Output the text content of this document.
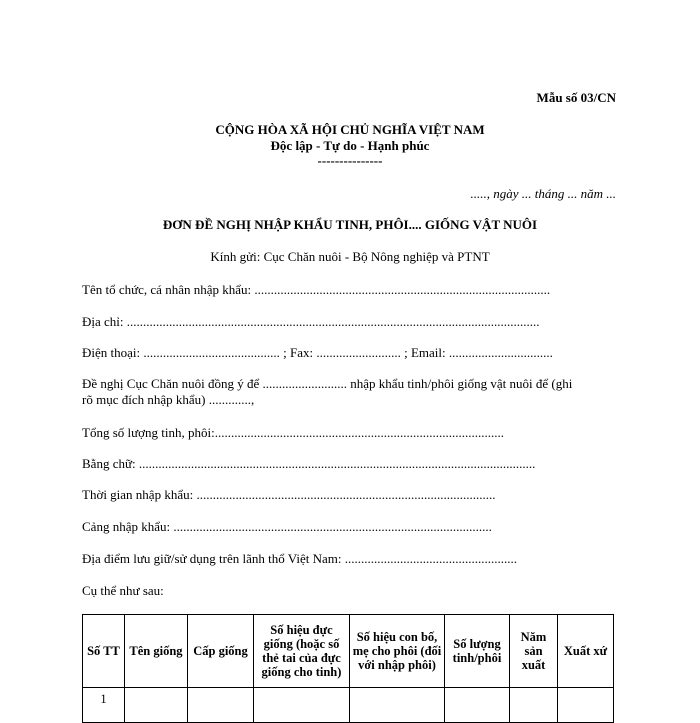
Mẫu số 03/CN
CỘNG HÒA XÃ HỘI CHỦ NGHĨA VIỆT NAM
Độc lập - Tự do - Hạnh phúc
---------------
....., ngày ... tháng ... năm ...
ĐƠN ĐỀ NGHỊ NHẬP KHẨU TINH, PHÔI.... GIỐNG VẬT NUÔI
Kính gửi: Cục Chăn nuôi - Bộ Nông nghiệp và PTNT
Tên tổ chức, cá nhân nhập khẩu: ...........................................................................................
Địa chỉ: ...............................................................................................................................
Điện thoại: .......................................... ; Fax: .......................... ; Email: ................................
Đề nghị Cục Chăn nuôi đồng ý để .......................... nhập khẩu tinh/phôi giống vật nuôi để (ghi
rõ mục đích nhập khẩu) .............,
Tổng số lượng tinh, phôi:.........................................................................................
Bằng chữ: ..........................................................................................................................
Thời gian nhập khẩu: ............................................................................................
Cảng nhập khẩu: ..................................................................................................
Địa điểm lưu giữ/sử dụng trên lãnh thổ Việt Nam: .....................................................
Cụ thể như sau:
Số TT	Tên giống	Cấp giống	Số hiệu đực giống (hoặc số thẻ tai của đực giống cho tinh)	Số hiệu con bố, mẹ cho phôi (đối với nhập phôi)	Số lượng tinh/phôi	Năm sản xuất	Xuất xứ
1							
